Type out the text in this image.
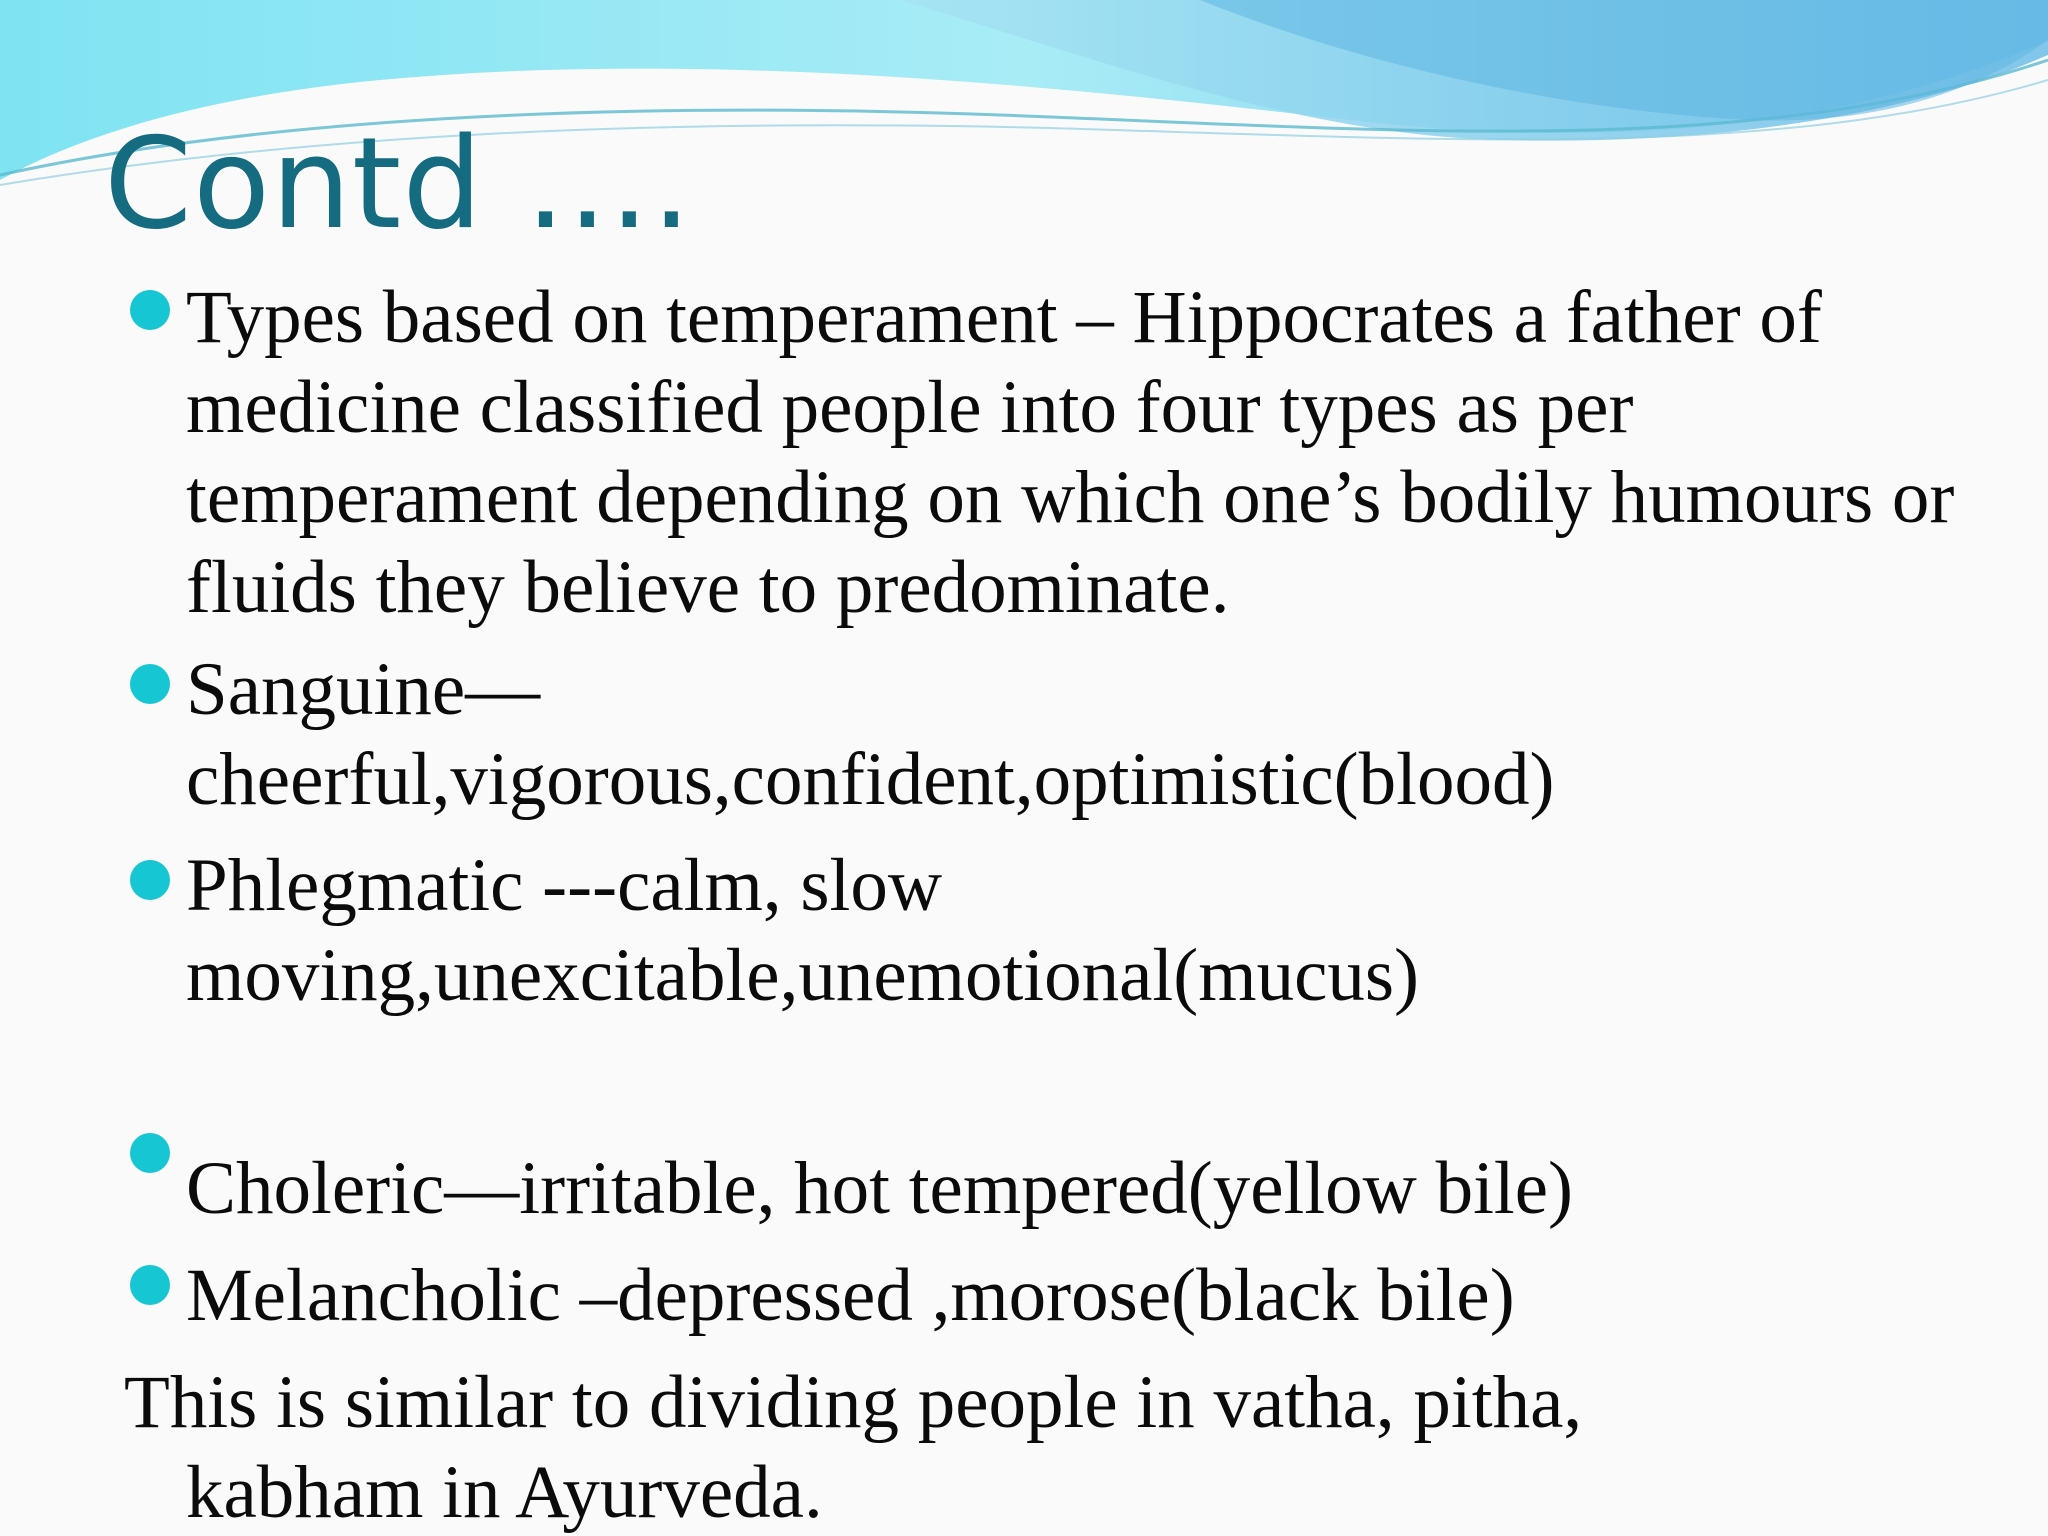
Contd ….

Types based on temperament – Hippocrates a father of medicine classified people into four types as per temperament depending on which one’s bodily humours or fluids they believe to predominate.

Sanguine—cheerful,vigorous,confident,optimistic(blood)

Phlegmatic ---calm, slow moving,unexcitable,unemotional(mucus)

Choleric—irritable, hot tempered(yellow bile)

Melancholic –depressed ,morose(black bile)

This is similar to dividing people in vatha, pitha, kabham in Ayurveda.
